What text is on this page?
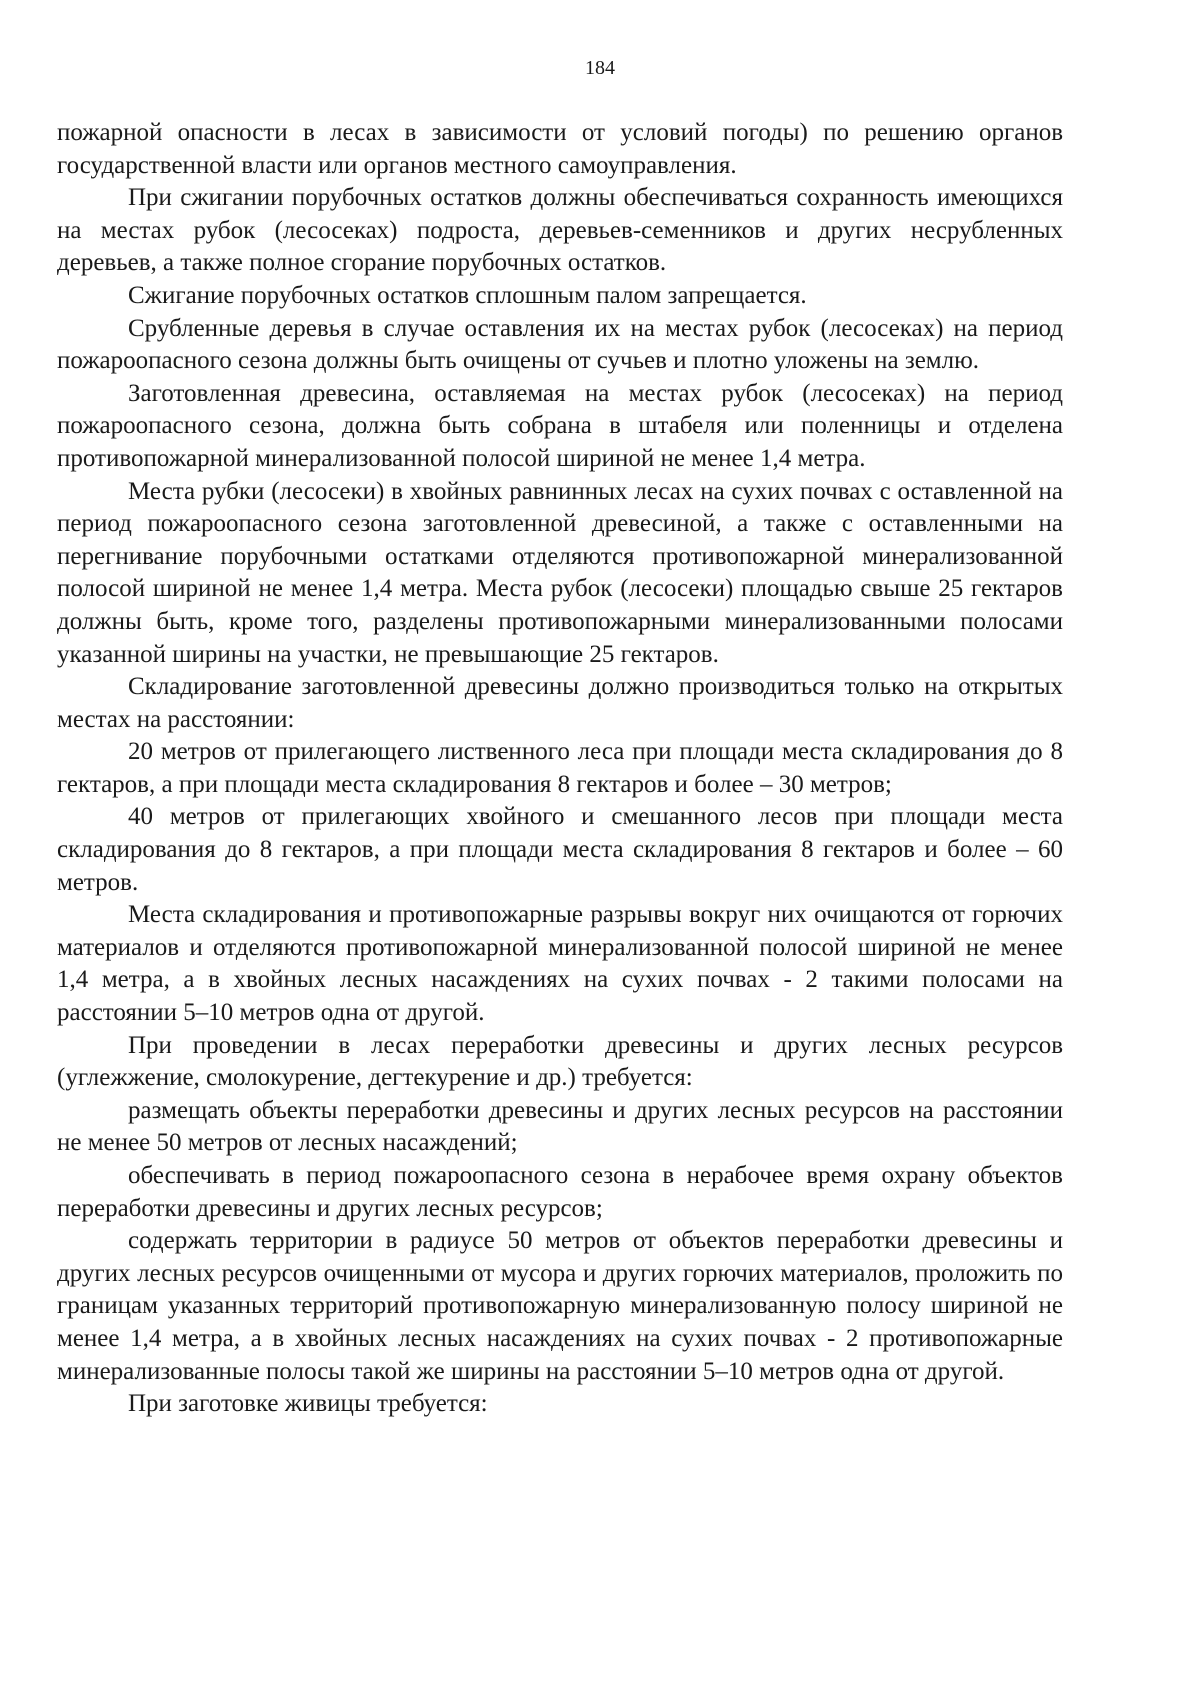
184

пожарной опасности в лесах в зависимости от условий погоды) по решению органов государственной власти или органов местного самоуправления.

При сжигании порубочных остатков должны обеспечиваться сохранность имеющихся на местах рубок (лесосеках) подроста, деревьев-семенников и других несрубленных деревьев, а также полное сгорание порубочных остатков.

Сжигание порубочных остатков сплошным палом запрещается.

Срубленные деревья в случае оставления их на местах рубок (лесосеках) на период пожароопасного сезона должны быть очищены от сучьев и плотно уложены на землю.

Заготовленная древесина, оставляемая на местах рубок (лесосеках) на период пожароопасного сезона, должна быть собрана в штабеля или поленницы и отделена противопожарной минерализованной полосой шириной не менее 1,4 метра.

Места рубки (лесосеки) в хвойных равнинных лесах на сухих почвах с оставленной на период пожароопасного сезона заготовленной древесиной, а также с оставленными на перегнивание порубочными остатками отделяются противопожарной минерализованной полосой шириной не менее 1,4 метра. Места рубок (лесосеки) площадью свыше 25 гектаров должны быть, кроме того, разделены противопожарными минерализованными полосами указанной ширины на участки, не превышающие 25 гектаров.

Складирование заготовленной древесины должно производиться только на открытых местах на расстоянии:

20 метров от прилегающего лиственного леса при площади места складирования до 8 гектаров, а при площади места складирования 8 гектаров и более – 30 метров;

40 метров от прилегающих хвойного и смешанного лесов при площади места складирования до 8 гектаров, а при площади места складирования 8 гектаров и более – 60 метров.

Места складирования и противопожарные разрывы вокруг них очищаются от горючих материалов и отделяются противопожарной минерализованной полосой шириной не менее 1,4 метра, а в хвойных лесных насаждениях на сухих почвах - 2 такими полосами на расстоянии 5–10 метров одна от другой.

При проведении в лесах переработки древесины и других лесных ресурсов (углежжение, смолокурение, дегтекурение и др.) требуется:

размещать объекты переработки древесины и других лесных ресурсов на расстоянии не менее 50 метров от лесных насаждений;

обеспечивать в период пожароопасного сезона в нерабочее время охрану объектов переработки древесины и других лесных ресурсов;

содержать территории в радиусе 50 метров от объектов переработки древесины и других лесных ресурсов очищенными от мусора и других горючих материалов, проложить по границам указанных территорий противопожарную минерализованную полосу шириной не менее 1,4 метра, а в хвойных лесных насаждениях на сухих почвах - 2 противопожарные минерализованные полосы такой же ширины на расстоянии 5–10 метров одна от другой.

При заготовке живицы требуется:
